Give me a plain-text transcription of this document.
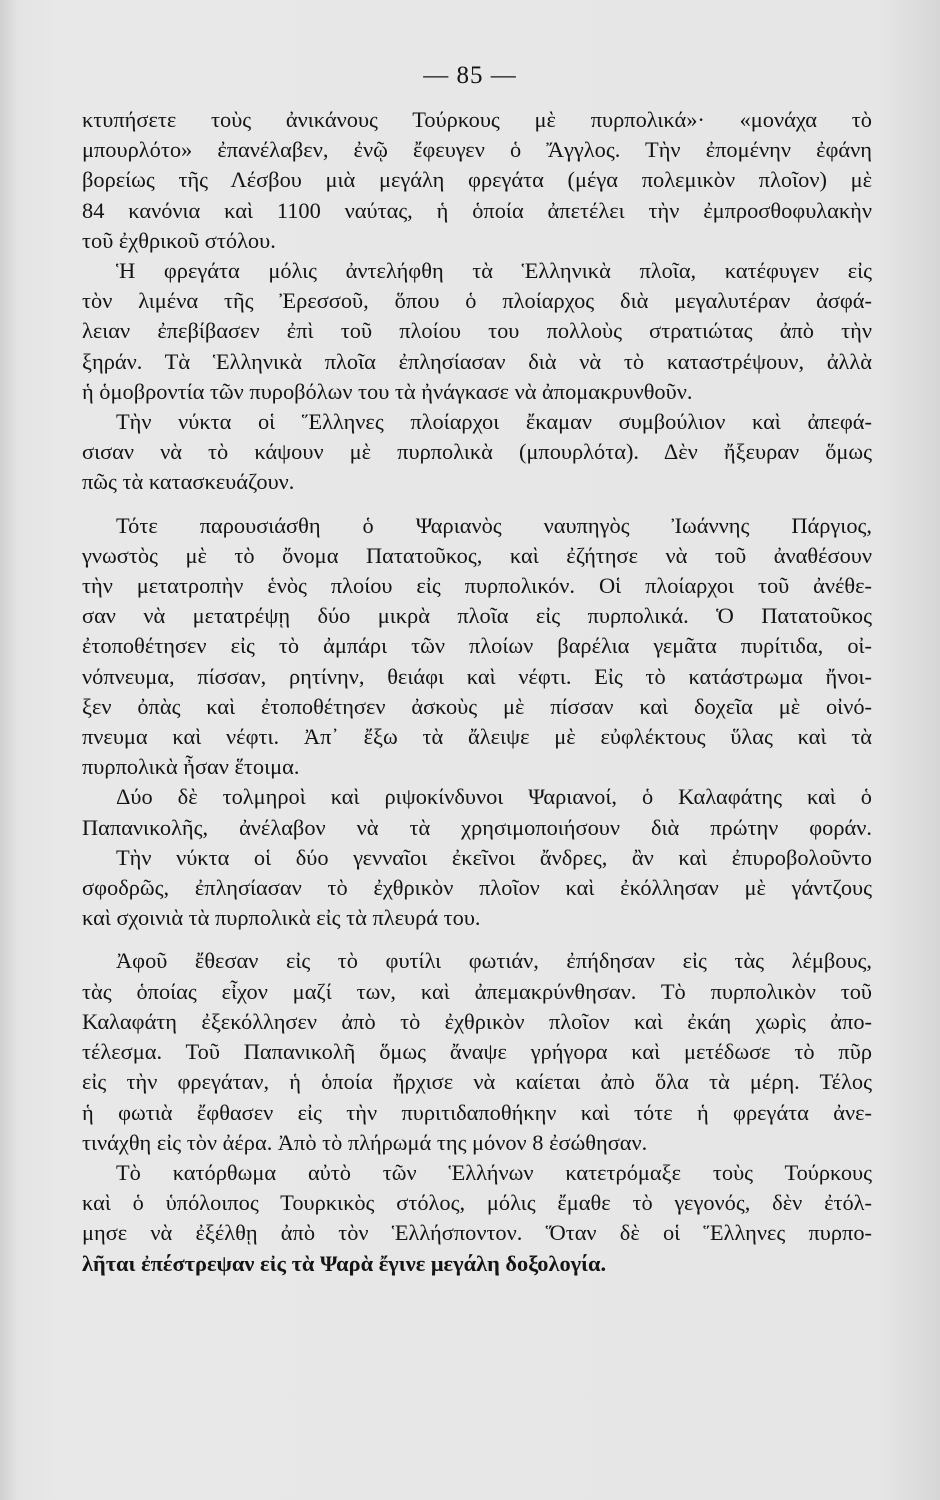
— 85 —
κτυπήσετε τοὺς ἀνικάνους Τούρκους μὲ πυρπολικά»· «μονάχα τὸ
μπουρλότο» ἐπανέλαβεν, ἐνῷ ἔφευγεν ὁ Ἄγγλος. Τὴν ἐπομένην ἐφάνη
βορείως τῆς Λέσβου μιὰ μεγάλη φρεγάτα (μέγα πολεμικὸν πλοῖον) μὲ
84 κανόνια καὶ 1100 ναύτας, ἡ ὁποία ἀπετέλει τὴν ἐμπροσθοφυλακὴν
τοῦ ἐχθρικοῦ στόλου.
Ἡ φρεγάτα μόλις ἀντελήφθη τὰ Ἑλληνικὰ πλοῖα, κατέφυγεν εἰς
τὸν λιμένα τῆς Ἐρεσσοῦ, ὅπου ὁ πλοίαρχος διὰ μεγαλυτέραν ἀσφά-
λειαν ἐπεβίβασεν ἐπὶ τοῦ πλοίου του πολλοὺς στρατιώτας ἀπὸ τὴν
ξηράν. Τὰ Ἑλληνικὰ πλοῖα ἐπλησίασαν διὰ νὰ τὸ καταστρέψουν, ἀλλὰ
ἡ ὁμοβροντία τῶν πυροβόλων του τὰ ἠνάγκασε νὰ ἀπομακρυνθοῦν.
Τὴν νύκτα οἱ Ἕλληνες πλοίαρχοι ἔκαμαν συμβούλιον καὶ ἀπεφά-
σισαν νὰ τὸ κάψουν μὲ πυρπολικὰ (μπουρλότα). Δὲν ἤξευραν ὅμως
πῶς τὰ κατασκευάζουν.
Τότε παρουσιάσθη ὁ Ψαριανὸς ναυπηγὸς Ἰωάννης Πάργιος,
γνωστὸς μὲ τὸ ὄνομα Πατατοῦκος, καὶ ἐζήτησε νὰ τοῦ ἀναθέσουν
τὴν μετατροπὴν ἑνὸς πλοίου εἰς πυρπολικόν. Οἱ πλοίαρχοι τοῦ ἀνέθε-
σαν νὰ μετατρέψῃ δύο μικρὰ πλοῖα εἰς πυρπολικά. Ὁ Πατατοῦκος
ἐτοποθέτησεν εἰς τὸ ἀμπάρι τῶν πλοίων βαρέλια γεμᾶτα πυρίτιδα, οἰ-
νόπνευμα, πίσσαν, ρητίνην, θειάφι καὶ νέφτι. Εἰς τὸ κατάστρωμα ἤνοι-
ξεν ὀπὰς καὶ ἐτοποθέτησεν ἀσκοὺς μὲ πίσσαν καὶ δοχεῖα μὲ οἰνό-
πνευμα καὶ νέφτι. Ἀπ᾿ ἔξω τὰ ἄλειψε μὲ εὐφλέκτους ὕλας καὶ τὰ
πυρπολικὰ ἦσαν ἕτοιμα.
Δύο δὲ τολμηροὶ καὶ ριψοκίνδυνοι Ψαριανοί, ὁ Καλαφάτης καὶ ὁ
Παπανικολῆς, ἀνέλαβον νὰ τὰ χρησιμοποιήσουν διὰ πρώτην φοράν.
Τὴν νύκτα οἱ δύο γενναῖοι ἐκεῖνοι ἄνδρες, ἂν καὶ ἐπυροβολοῦντο
σφοδρῶς, ἐπλησίασαν τὸ ἐχθρικὸν πλοῖον καὶ ἐκόλλησαν μὲ γάντζους
καὶ σχοινιὰ τὰ πυρπολικὰ εἰς τὰ πλευρά του.
Ἀφοῦ ἔθεσαν εἰς τὸ φυτίλι φωτιάν, ἐπήδησαν εἰς τὰς λέμβους,
τὰς ὁποίας εἶχον μαζί των, καὶ ἀπεμακρύνθησαν. Τὸ πυρπολικὸν τοῦ
Καλαφάτη ἐξεκόλλησεν ἀπὸ τὸ ἐχθρικὸν πλοῖον καὶ ἐκάη χωρὶς ἀπο-
τέλεσμα. Τοῦ Παπανικολῆ ὅμως ἄναψε γρήγορα καὶ μετέδωσε τὸ πῦρ
εἰς τὴν φρεγάταν, ἡ ὁποία ἤρχισε νὰ καίεται ἀπὸ ὅλα τὰ μέρη. Τέλος
ἡ φωτιὰ ἔφθασεν εἰς τὴν πυριτιδαποθήκην καὶ τότε ἡ φρεγάτα ἀνε-
τινάχθη εἰς τὸν ἀέρα. Ἀπὸ τὸ πλήρωμά της μόνον 8 ἐσώθησαν.
Τὸ κατόρθωμα αὐτὸ τῶν Ἑλλήνων κατετρόμαξε τοὺς Τούρκους
καὶ ὁ ὑπόλοιπος Τουρκικὸς στόλος, μόλις ἔμαθε τὸ γεγονός, δὲν ἐτόλ-
μησε νὰ ἐξέλθῃ ἀπὸ τὸν Ἑλλήσποντον. Ὅταν δὲ οἱ Ἕλληνες πυρπο-
λῆται ἐπέστρεψαν εἰς τὰ Ψαρὰ ἔγινε μεγάλη δοξολογία.
